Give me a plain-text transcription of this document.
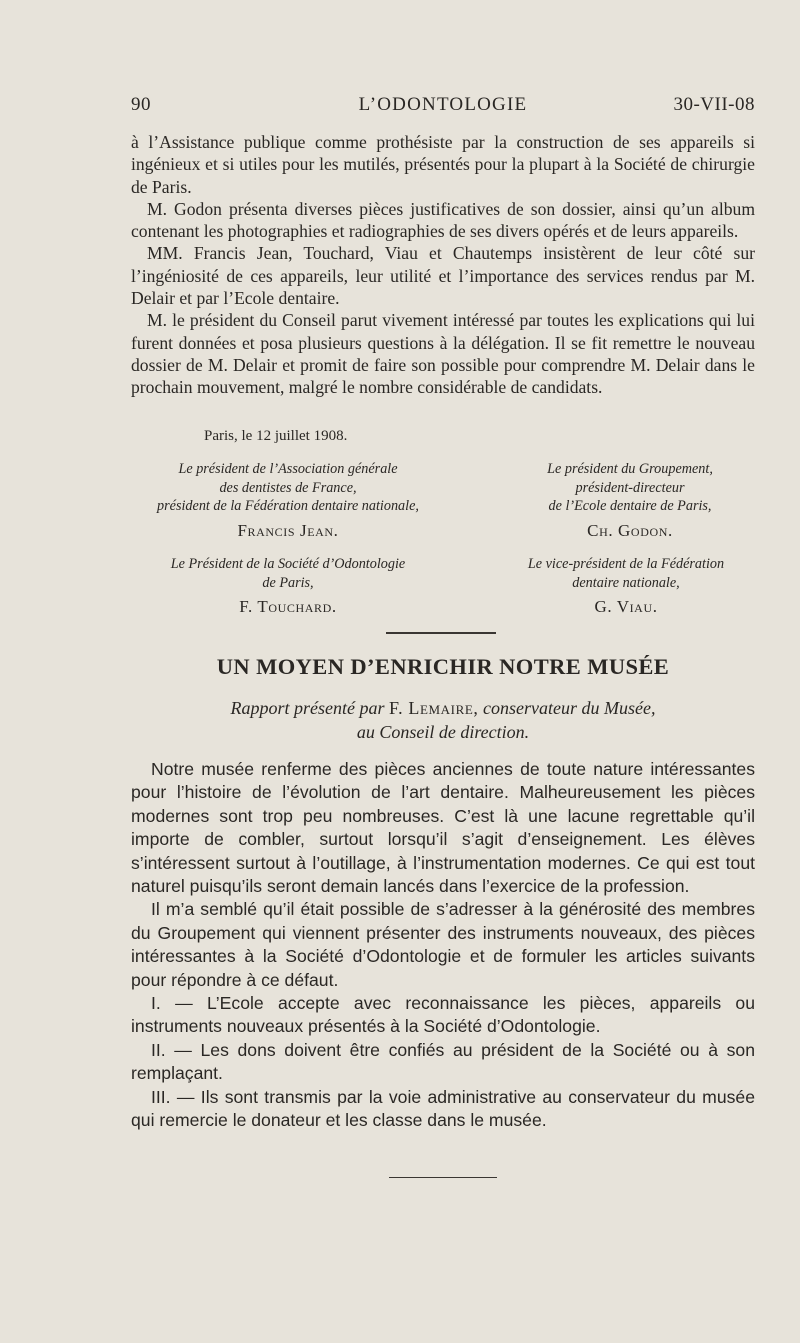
90	L’ODONTOLOGIE	30-VII-08

à l’Assistance publique comme prothésiste par la construction de ses appareils si ingénieux et si utiles pour les mutilés, présentés pour la plupart à la Société de chirurgie de Paris.

M. Godon présenta diverses pièces justificatives de son dossier, ainsi qu’un album contenant les photographies et radiographies de ses divers opérés et de leurs appareils.

MM. Francis Jean, Touchard, Viau et Chautemps insistèrent de leur côté sur l’ingéniosité de ces appareils, leur utilité et l’importance des services rendus par M. Delair et par l’Ecole dentaire.

M. le président du Conseil parut vivement intéressé par toutes les explications qui lui furent données et posa plusieurs questions à la délégation. Il se fit remettre le nouveau dossier de M. Delair et promit de faire son possible pour comprendre M. Delair dans le prochain mouvement, malgré le nombre considérable de candidats.

Paris, le 12 juillet 1908.
Le président de l’Association générale
des dentistes de France,
président de la Fédération dentaire nationale,
Francis Jean.
Le président du Groupement,
président-directeur
de l’Ecole dentaire de Paris,
Ch. Godon.
Le Président de la Société d’Odontologie
de Paris,
F. Touchard.
Le vice-président de la Fédération
dentaire nationale,
G. Viau.
UN MOYEN D’ENRICHIR NOTRE MUSÉE
Rapport présenté par F. Lemaire, conservateur du Musée,
au Conseil de direction.

Notre musée renferme des pièces anciennes de toute nature intéressantes pour l’histoire de l’évolution de l’art dentaire. Malheureusement les pièces modernes sont trop peu nombreuses. C’est là une lacune regrettable qu’il importe de combler, surtout lorsqu’il s’agit d’enseignement. Les élèves s’intéressent surtout à l’outillage, à l’instrumentation modernes. Ce qui est tout naturel puisqu’ils seront demain lancés dans l’exercice de la profession.

Il m’a semblé qu’il était possible de s’adresser à la générosité des membres du Groupement qui viennent présenter des instruments nouveaux, des pièces intéressantes à la Société d’Odontologie et de formuler les articles suivants pour répondre à ce défaut.

I. — L’Ecole accepte avec reconnaissance les pièces, appareils ou instruments nouveaux présentés à la Société d’Odontologie.

II. — Les dons doivent être confiés au président de la Société ou à son remplaçant.

III. — Ils sont transmis par la voie administrative au conservateur du musée qui remercie le donateur et les classe dans le musée.
